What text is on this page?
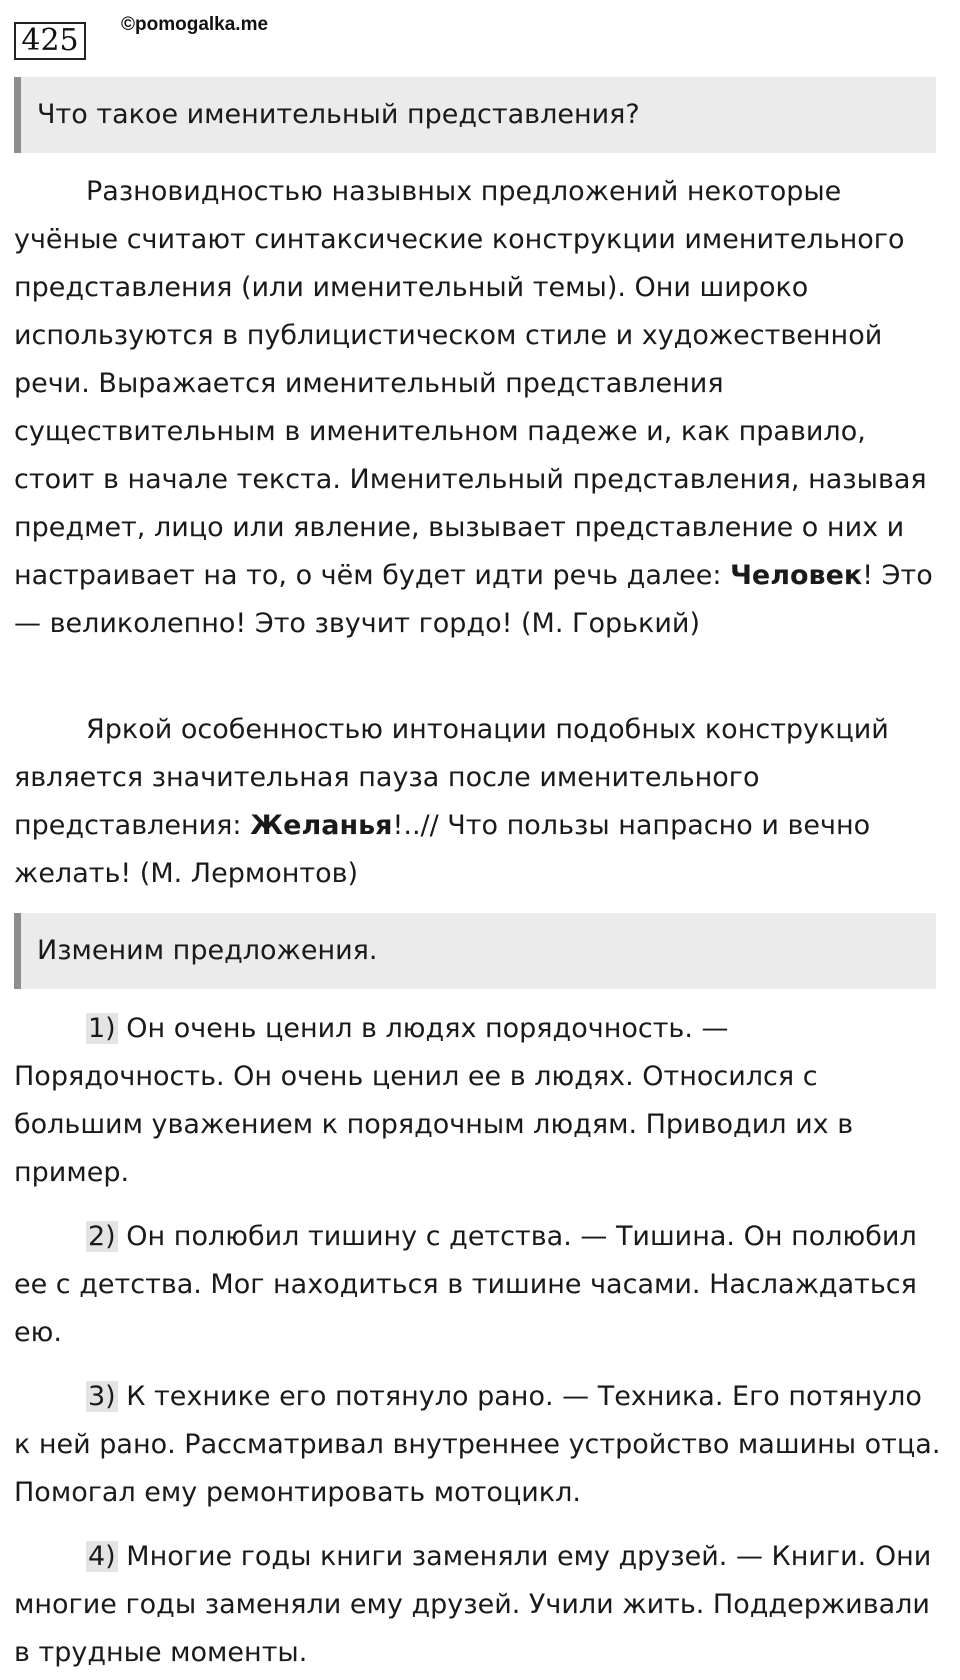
425	©pomogalka.me
Что такое именительный представления?

Разновидностью назывных предложений некоторые учёные считают синтаксические конструкции именительного представления (или именительный темы). Они широко используются в публицистическом стиле и художественной речи. Выражается именительный представления существительным в именительном падеже и, как правило, стоит в начале текста. Именительный представления, называя предмет, лицо или явление, вызывает представление о них и настраивает на то, о чём будет идти речь далее: Человек! Это — великолепно! Это звучит гордо! (М. Горький)

Яркой особенностью интонации подобных конструкций является значительная пауза после именительного представления: Желанья!..// Что пользы напрасно и вечно желать! (М. Лермонтов)

Изменим предложения.

1) Он очень ценил в людях порядочность. — Порядочность. Он очень ценил ее в людях. Относился с большим уважением к порядочным людям. Приводил их в пример.

2) Он полюбил тишину с детства. — Тишина. Он полюбил ее с детства. Мог находиться в тишине часами. Наслаждаться ею.

3) К технике его потянуло рано. — Техника. Его потянуло к ней рано. Рассматривал внутреннее устройство машины отца. Помогал ему ремонтировать мотоцикл.

4) Многие годы книги заменяли ему друзей. — Книги. Они многие годы заменяли ему друзей. Учили жить. Поддерживали в трудные моменты.
